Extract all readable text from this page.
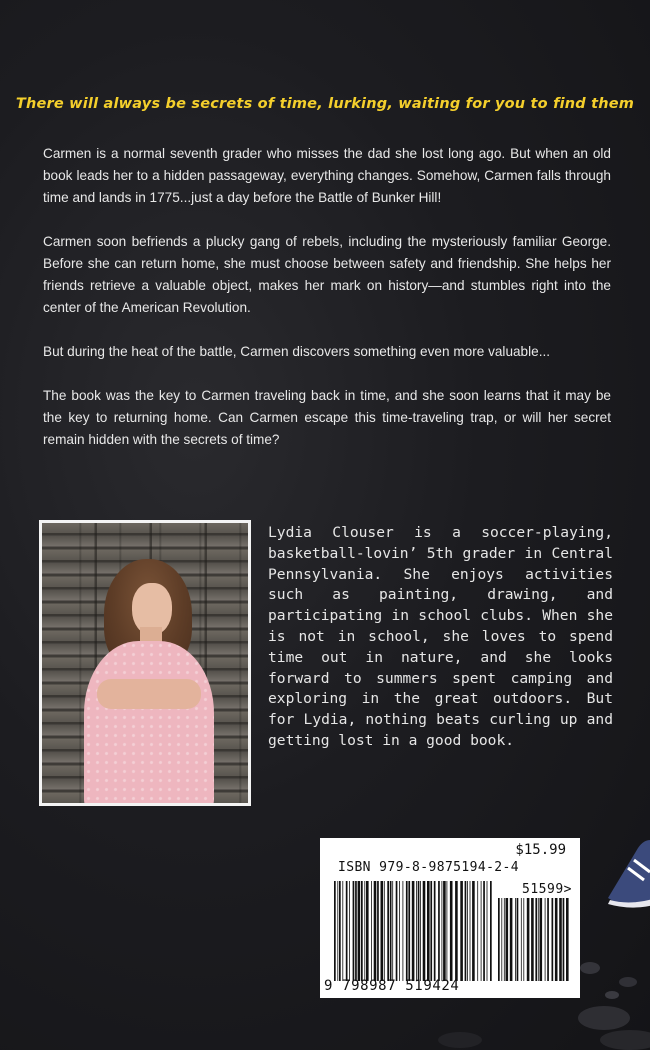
There will always be secrets of time, lurking, waiting for you to find them

Carmen is a normal seventh grader who misses the dad she lost long ago. But when an old book leads her to a hidden passageway, everything changes. Somehow, Carmen falls through time and lands in 1775...just a day before the Battle of Bunker Hill!

Carmen soon befriends a plucky gang of rebels, including the mysteriously familiar George. Before she can return home, she must choose between safety and friendship. She helps her friends retrieve a valuable object, makes her mark on history—and stumbles right into the center of the American Revolution.

But during the heat of the battle, Carmen discovers something even more valuable...

The book was the key to Carmen traveling back in time, and she soon learns that it may be the key to returning home. Can Carmen escape this time-traveling trap, or will her secret remain hidden with the secrets of time?

Lydia Clouser is a soccer-playing, basketball-lovin’ 5th grader in Central Pennsylvania. She enjoys activities such as painting, drawing, and participating in school clubs. When she is not in school, she loves to spend time out in nature, and she looks forward to summers spent camping and exploring in the great outdoors. But for Lydia, nothing beats curling up and getting lost in a good book.

$15.99
ISBN 979-8-9875194-2-4
51599>
9 798987 519424
